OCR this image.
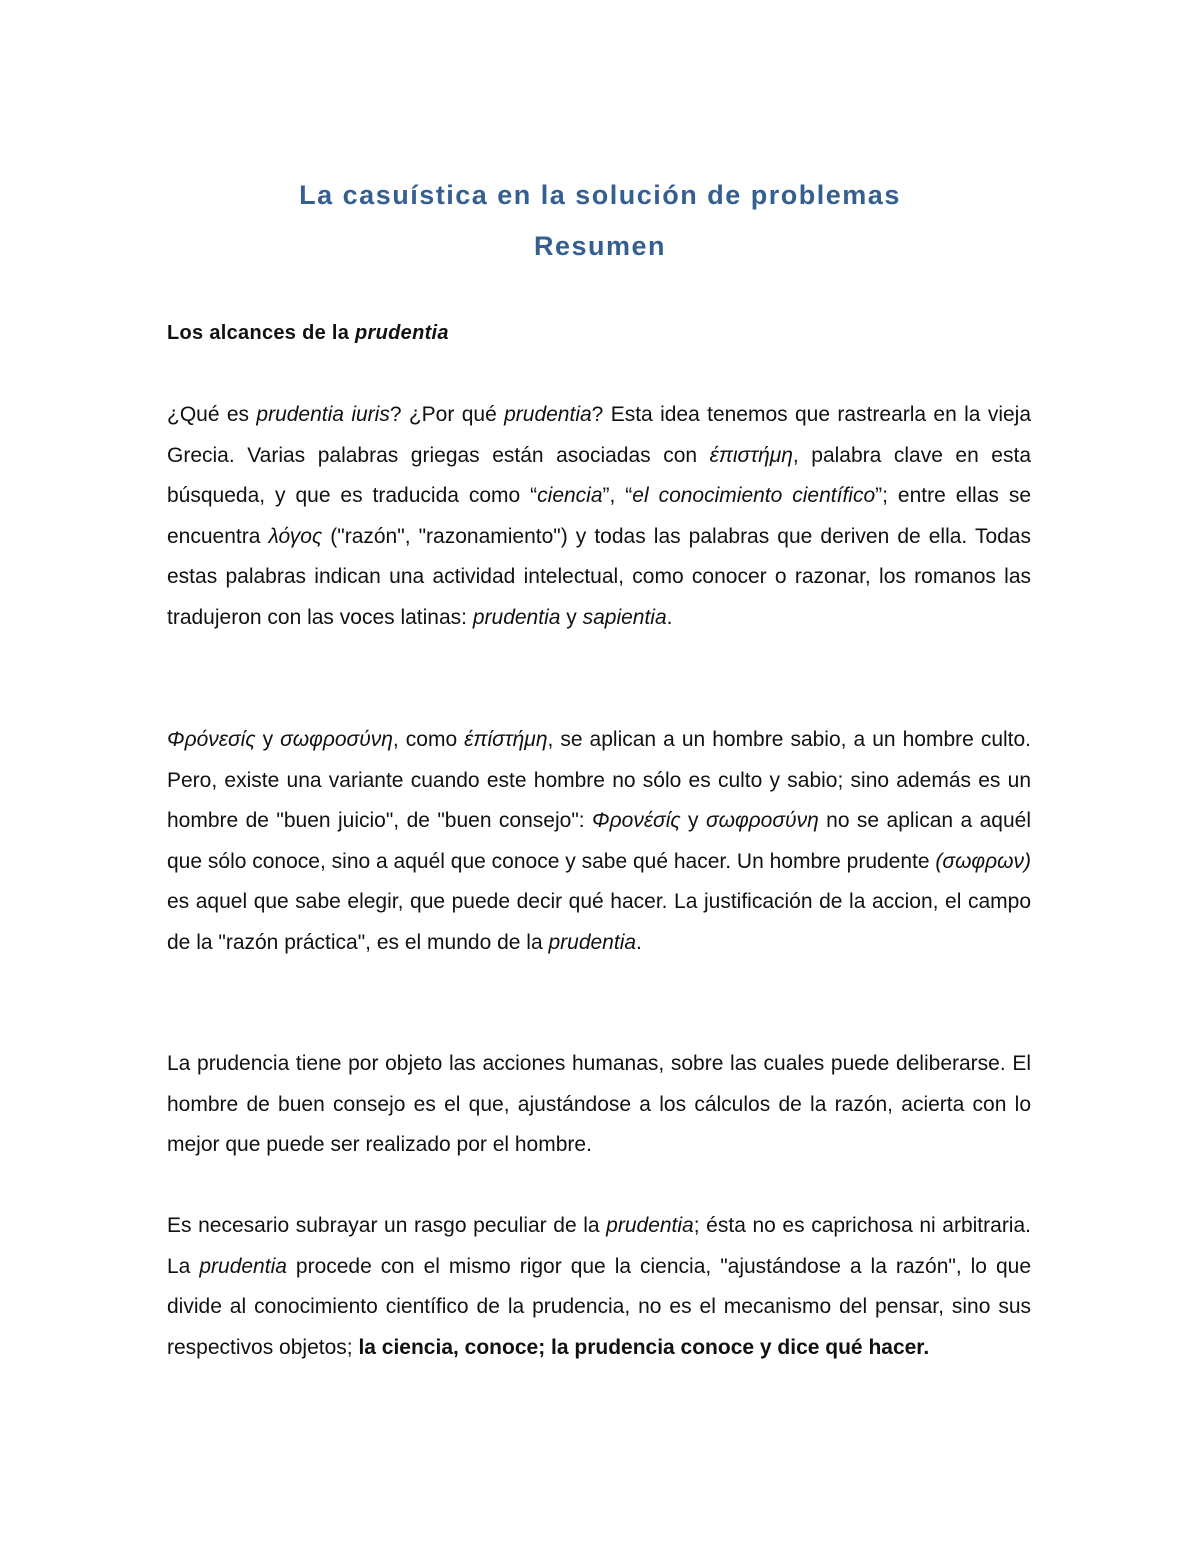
La casuística en la solución de problemas
Resumen
Los alcances de la prudentia

¿Qué es prudentia iuris? ¿Por qué prudentia? Esta idea tenemos que rastrearla en la vieja Grecia. Varias palabras griegas están asociadas con έπιστήμη, palabra clave en esta búsqueda, y que es traducida como “ciencia”, “el conocimiento científico”; entre ellas se encuentra λόγος ("razón", "razonamiento") y todas las palabras que deriven de ella. Todas estas palabras indican una actividad intelectual, como conocer o razonar, los romanos las tradujeron con las voces latinas: prudentia y sapientia.

Φρόνεσίς y σωφροσύνη, como έπίστήμη, se aplican a un hombre sabio, a un hombre culto. Pero, existe una variante cuando este hombre no sólo es culto y sabio; sino además es un hombre de "buen juicio", de "buen consejo": Φρονέσίς y σωφροσύνη no se aplican a aquél que sólo conoce, sino a aquél que conoce y sabe qué hacer. Un hombre prudente (σωφρων) es aquel que sabe elegir, que puede decir qué hacer. La justificación de la accion, el campo de la "razón práctica", es el mundo de la prudentia.

La prudencia tiene por objeto las acciones humanas, sobre las cuales puede deliberarse. El hombre de buen consejo es el que, ajustándose a los cálculos de la razón, acierta con lo mejor que puede ser realizado por el hombre.

Es necesario subrayar un rasgo peculiar de la prudentia; ésta no es caprichosa ni arbitraria. La prudentia procede con el mismo rigor que la ciencia, "ajustándose a la razón", lo que divide al conocimiento científico de la prudencia, no es el mecanismo del pensar, sino sus respectivos objetos; la ciencia, conoce; la prudencia conoce y dice qué hacer.
